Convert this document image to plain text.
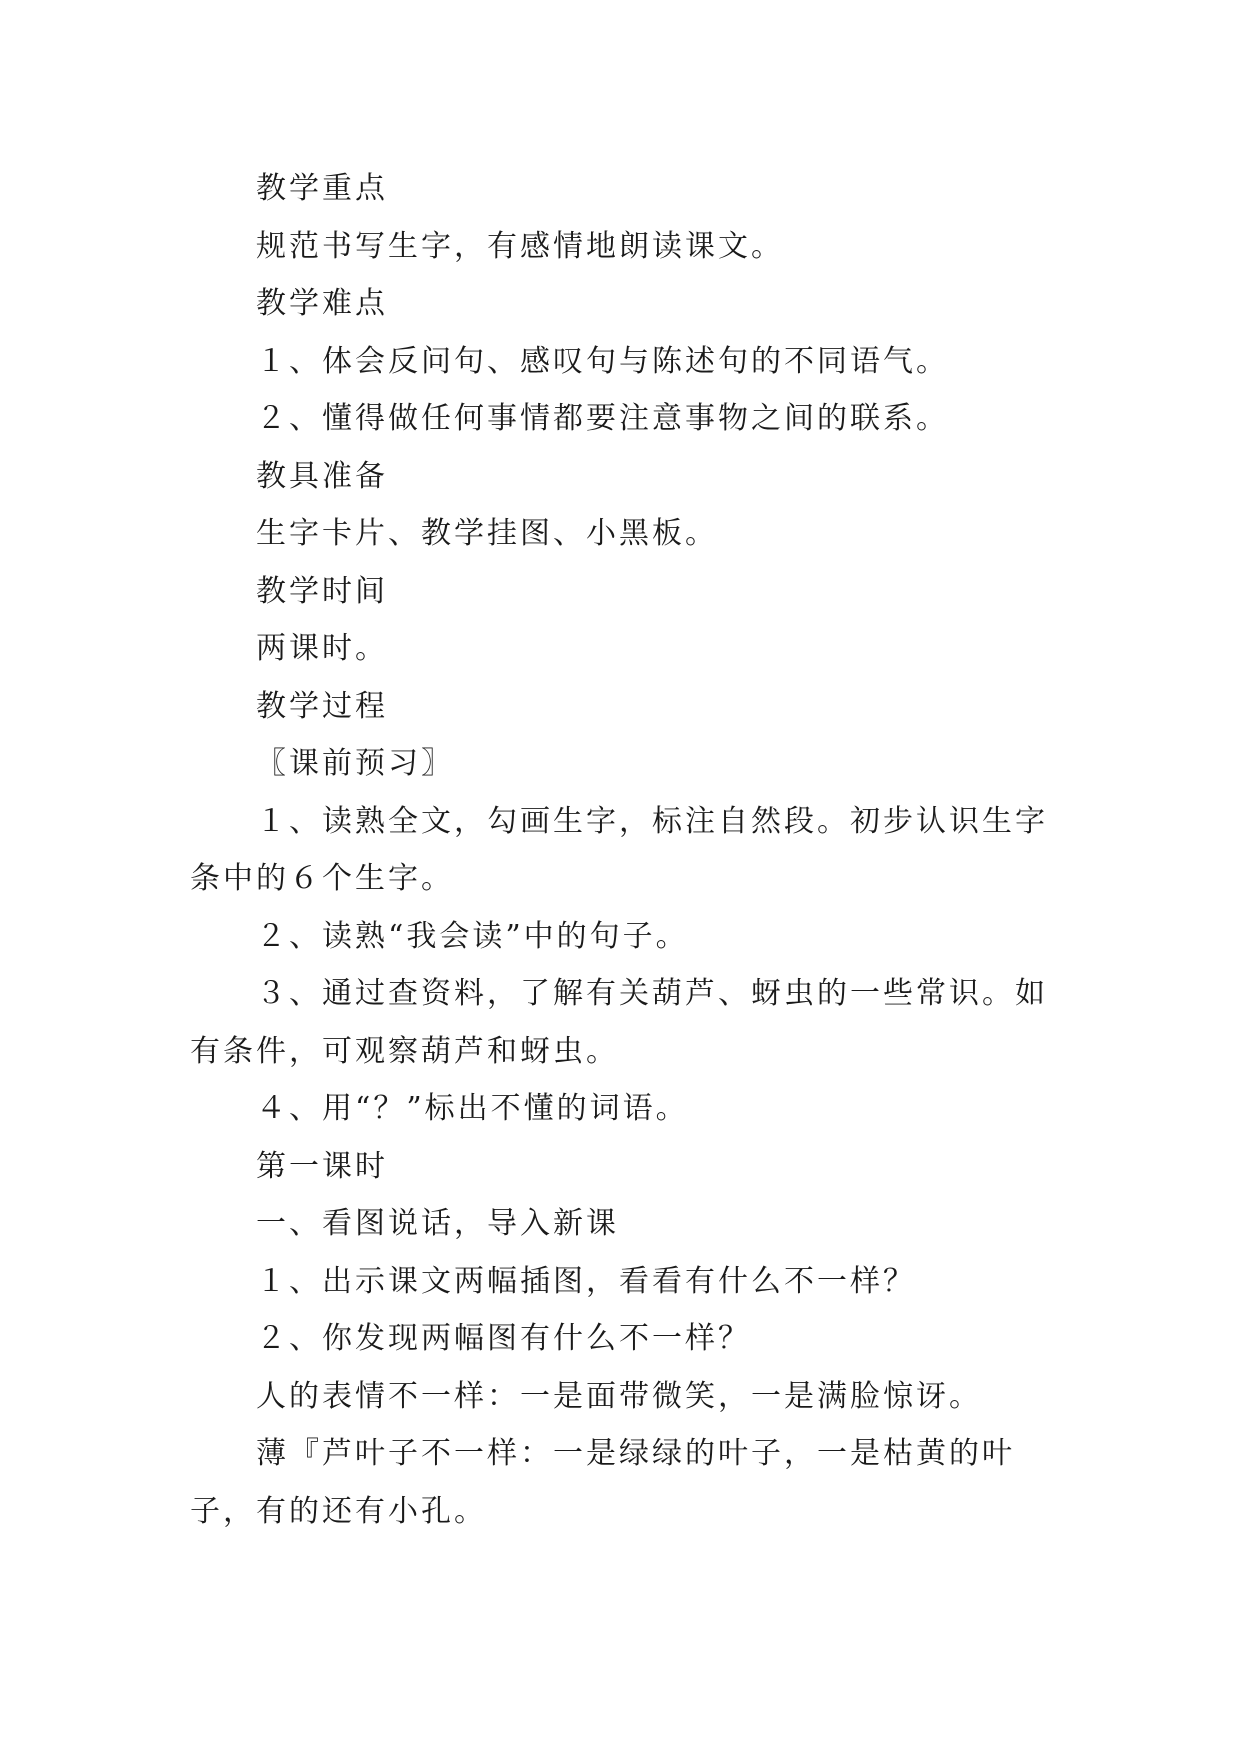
教学重点

规范书写生字，有感情地朗读课文。

教学难点

１、体会反问句、感叹句与陈述句的不同语气。

２、懂得做任何事情都要注意事物之间的联系。

教具准备

生字卡片、教学挂图、小黑板。

教学时间

两课时。

教学过程

〖课前预习〗

１、读熟全文，勾画生字，标注自然段。初步认识生字条中的６个生字。

２、读熟“我会读”中的句子。

３、通过查资料，了解有关葫芦、蚜虫的一些常识。如有条件，可观察葫芦和蚜虫。

４、用“？”标出不懂的词语。

第一课时

一、看图说话，导入新课

１、出示课文两幅插图，看看有什么不一样？

２、你发现两幅图有什么不一样？

人的表情不一样：一是面带微笑，一是满脸惊讶。

薄『芦叶子不一样：一是绿绿的叶子，一是枯黄的叶子，有的还有小孔。
